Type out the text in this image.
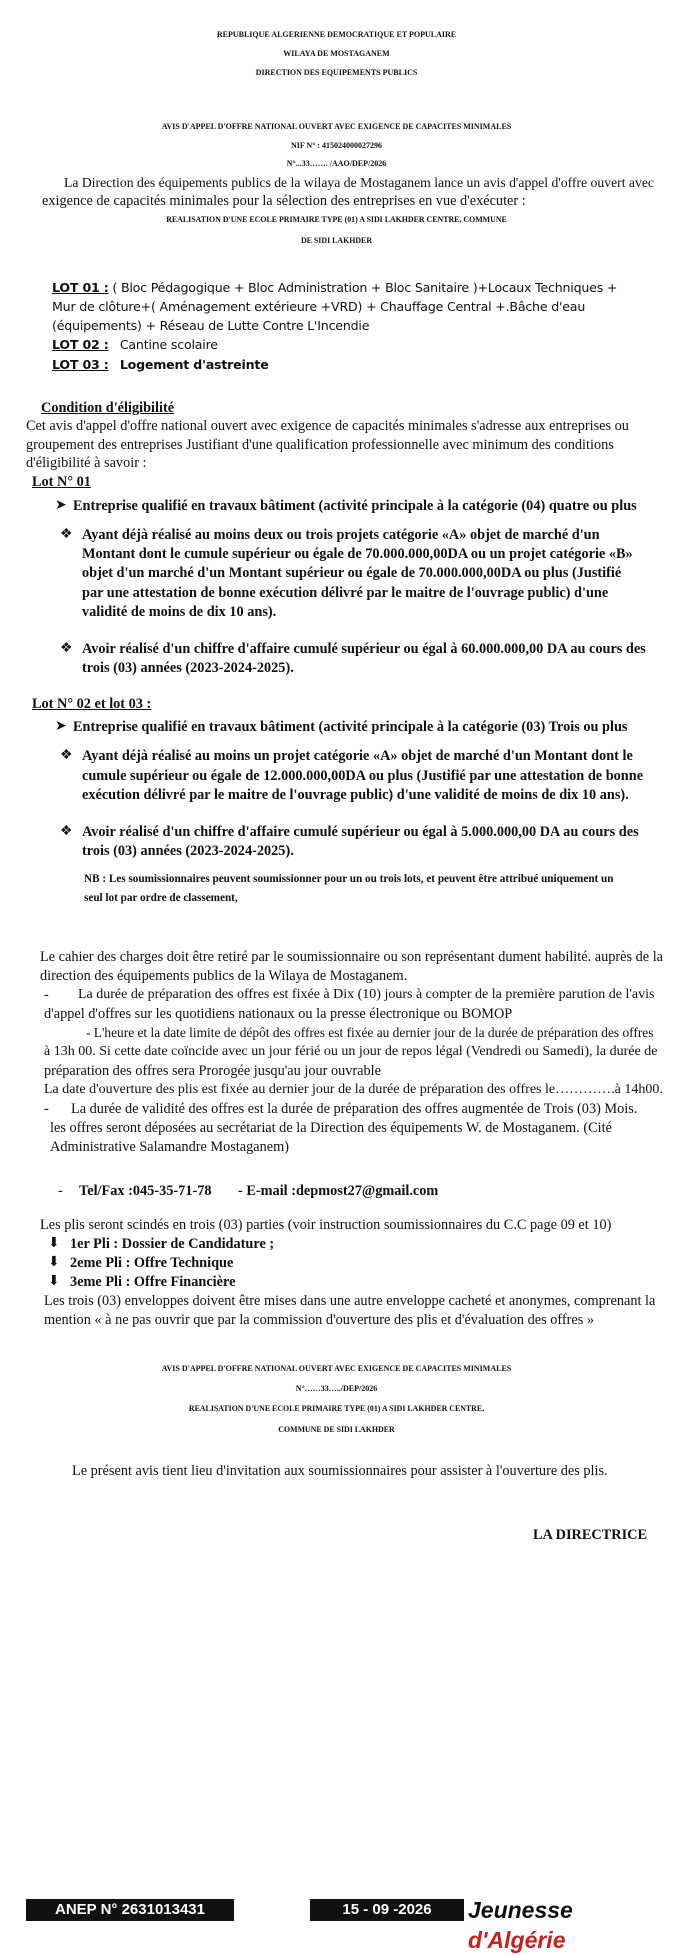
REPUBLIQUE ALGERIENNE DEMOCRATIQUE ET POPULAIRE
WILAYA DE MOSTAGANEM
DIRECTION DES EQUIPEMENTS PUBLICS
AVIS D'APPEL D'OFFRE NATIONAL OUVERT AVEC EXIGENCE DE CAPACITES MINIMALES
NIF N° : 415024000027296
N°...33……. /AAO/DEP/2026
La Direction des équipements publics de la wilaya de Mostaganem lance un avis d'appel d'offre ouvert avec
exigence de capacités minimales pour la sélection des entreprises en vue d'exécuter :
REALISATION D'UNE ECOLE PRIMAIRE TYPE (01) A SIDI LAKHDER CENTRE, COMMUNE
DE SIDI LAKHDER
LOT 01 : ( Bloc Pédagogique + Bloc Administration + Bloc Sanitaire )+Locaux Techniques +
Mur de clôture+( Aménagement extérieure +VRD) + Chauffage Central +.Bâche d'eau
(équipements) + Réseau de Lutte Contre L'Incendie
LOT 02 : Cantine scolaire
LOT 03 : Logement d'astreinte
Condition d'éligibilité
Cet avis d'appel d'offre national ouvert avec exigence de capacités minimales s'adresse aux entreprises ou
groupement des entreprises Justifiant d'une qualification professionnelle avec minimum des conditions
d'éligibilité à savoir :
Lot N° 01
➤ Entreprise qualifié en travaux bâtiment (activité principale à la catégorie (04) quatre ou plus
❖ Ayant déjà réalisé au moins deux ou trois projets catégorie «A» objet de marché d'un
Montant dont le cumule supérieur ou égale de 70.000.000,00DA ou un projet catégorie «B»
objet d'un marché d'un Montant supérieur ou égale de 70.000.000,00DA ou plus (Justifié
par une attestation de bonne exécution délivré par le maitre de l'ouvrage public) d'une
validité de moins de dix 10 ans).
❖ Avoir réalisé d'un chiffre d'affaire cumulé supérieur ou égal à 60.000.000,00 DA au cours des
trois (03) années (2023-2024-2025).
Lot N° 02 et lot 03 :
➤ Entreprise qualifié en travaux bâtiment (activité principale à la catégorie (03) Trois ou plus
❖ Ayant déjà réalisé au moins un projet catégorie «A» objet de marché d'un Montant dont le
cumule supérieur ou égale de 12.000.000,00DA ou plus (Justifié par une attestation de bonne
exécution délivré par le maitre de l'ouvrage public) d'une validité de moins de dix 10 ans).
❖ Avoir réalisé d'un chiffre d'affaire cumulé supérieur ou égal à 5.000.000,00 DA au cours des
trois (03) années (2023-2024-2025).
NB : Les soumissionnaires peuvent soumissionner pour un ou trois lots, et peuvent être attribué uniquement un
seul lot par ordre de classement,
Le cahier des charges doit être retiré par le soumissionnaire ou son représentant dument habilité. auprès de la
direction des équipements publics de la Wilaya de Mostaganem.
- La durée de préparation des offres est fixée à Dix (10) jours à compter de la première parution de l'avis
d'appel d'offres sur les quotidiens nationaux ou la presse électronique ou BOMOP
- L'heure et la date limite de dépôt des offres est fixée au dernier jour de la durée de préparation des offres
à 13h 00. Si cette date coïncide avec un jour férié ou un jour de repos légal (Vendredi ou Samedi), la durée de
préparation des offres sera Prorogée jusqu'au jour ouvrable
La date d'ouverture des plis est fixée au dernier jour de la durée de préparation des offres le………….à 14h00.
- La durée de validité des offres est la durée de préparation des offres augmentée de Trois (03) Mois.
les offres seront déposées au secrétariat de la Direction des équipements W. de Mostaganem. (Cité
Administrative Salamandre Mostaganem)
- Tel/Fax :045-35-71-78 - E-mail :depmost27@gmail.com
Les plis seront scindés en trois (03) parties (voir instruction soumissionnaires du C.C page 09 et 10)
⬇ 1er Pli : Dossier de Candidature ;
⬇ 2eme Pli : Offre Technique
⬇ 3eme Pli : Offre Financière
Les trois (03) enveloppes doivent être mises dans une autre enveloppe cacheté et anonymes, comprenant la
mention « à ne pas ouvrir que par la commission d'ouverture des plis et d'évaluation des offres »
AVIS D'APPEL D'OFFRE NATIONAL OUVERT AVEC EXIGENCE DE CAPACITES MINIMALES
N°……33…../DEP/2026
REALISATION D'UNE ECOLE PRIMAIRE TYPE (01) A SIDI LAKHDER CENTRE,
COMMUNE DE SIDI LAKHDER
Le présent avis tient lieu d'invitation aux soumissionnaires pour assister à l'ouverture des plis.
LA DIRECTRICE
ANEP N° 2631013431	15 - 09 -2026	Jeunesse d'Algérie
